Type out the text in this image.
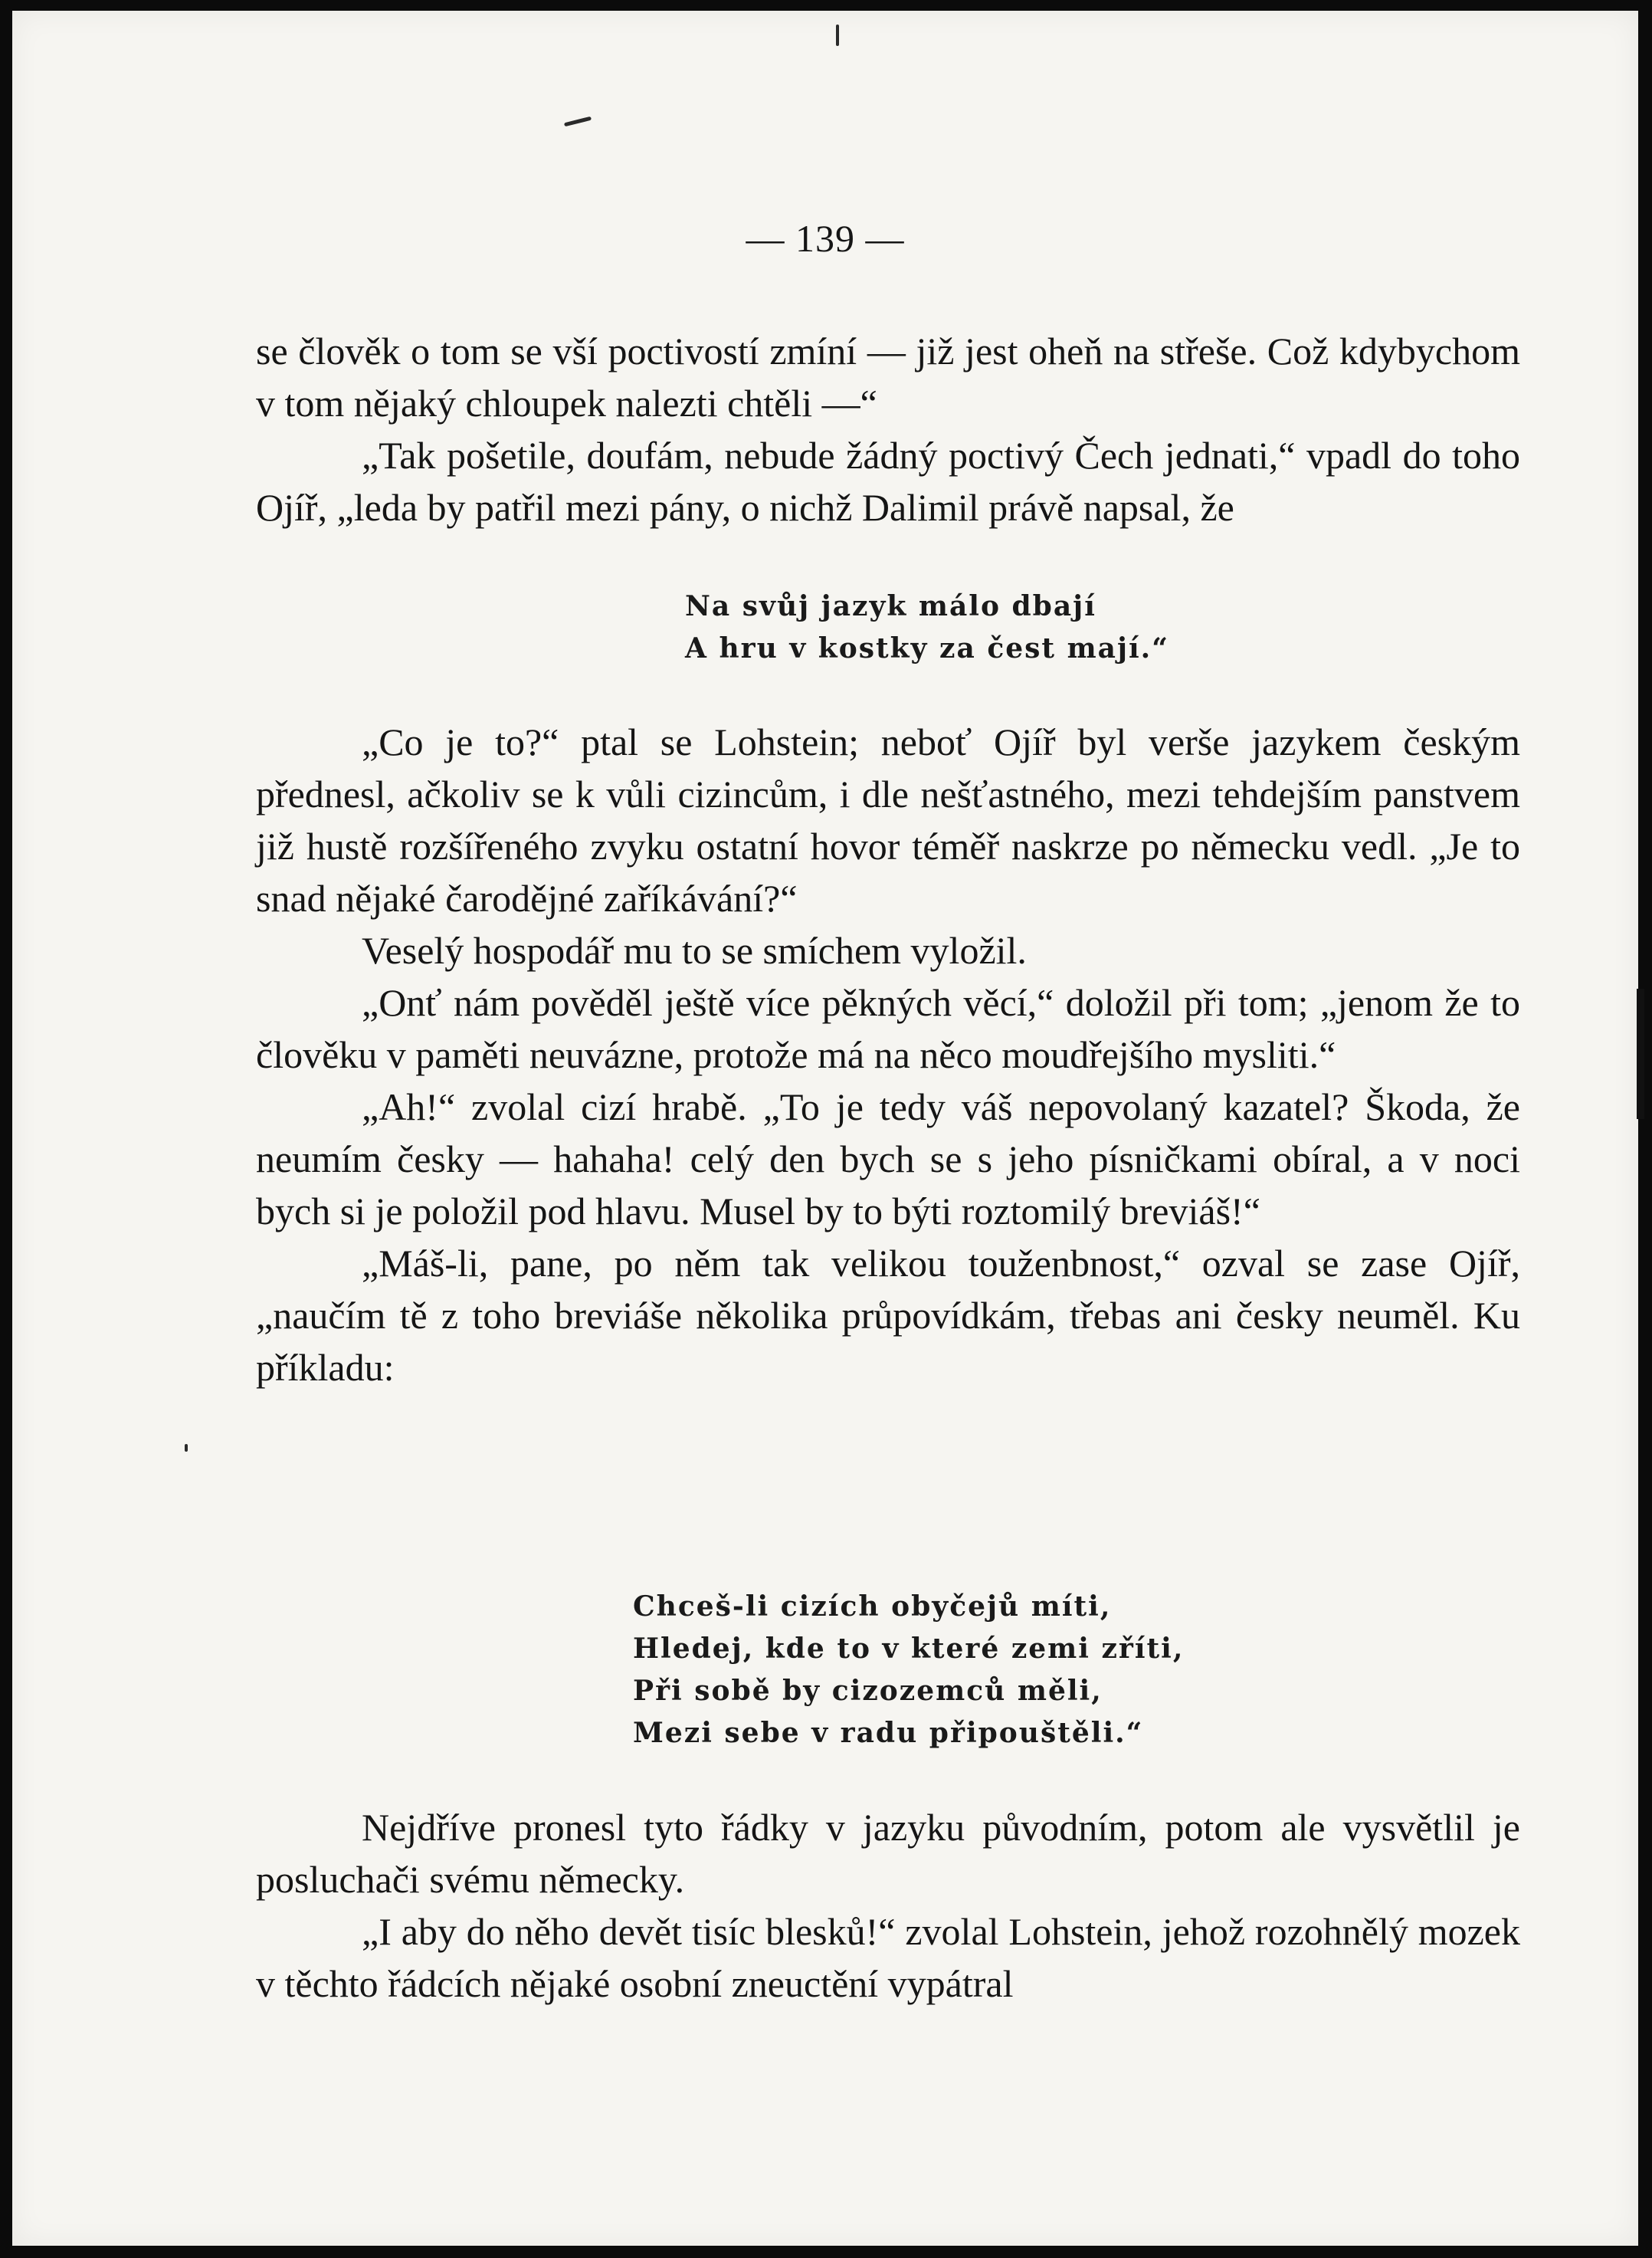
— 139 —

se člověk o tom se vší poctivostí zmíní — již jest oheň na střeše. Což kdybychom v tom nějaký chloupek nalezti chtěli —“

„Tak pošetile, doufám, nebude žádný poctivý Čech jednati,“ vpadl do toho Ojíř, „leda by patřil mezi pány, o nichž Dalimil právě napsal, že

Na svůj jazyk málo dbají
A hru v kostky za čest mají.“

„Co je to?“ ptal se Lohstein; neboť Ojíř byl verše jazykem českým přednesl, ačkoliv se k vůli cizincům, i dle nešťastného, mezi tehdejším panstvem již hustě rozšířeného zvyku ostatní hovor téměř naskrze po německu vedl. „Je to snad nějaké čarodějné zaříkávání?“

Veselý hospodář mu to se smíchem vyložil.

„Onť nám pověděl ještě více pěkných věcí,“ doložil při tom; „jenom že to člověku v paměti neuvázne, protože má na něco moudřejšího mysliti.“

„Ah!“ zvolal cizí hrabě. „To je tedy váš nepovolaný kazatel? Škoda, že neumím česky — hahaha! celý den bych se s jeho písničkami obíral, a v noci bych si je položil pod hlavu. Musel by to býti roztomilý breviáš!“

„Máš-li, pane, po něm tak velikou touženbnost,“ ozval se zase Ojíř, „naučím tě z toho breviáše několika průpovídkám, třebas ani česky neuměl. Ku příkladu:

Chceš-li cizích obyčejů míti,
Hledej, kde to v které zemi zříti,
Při sobě by cizozemců měli,
Mezi sebe v radu připouštěli.“

Nejdříve pronesl tyto řádky v jazyku původním, potom ale vysvětlil je posluchači svému německy.

„I aby do něho devět tisíc blesků!“ zvolal Lohstein, jehož rozohnělý mozek v těchto řádcích nějaké osobní zneuctění vypátral
